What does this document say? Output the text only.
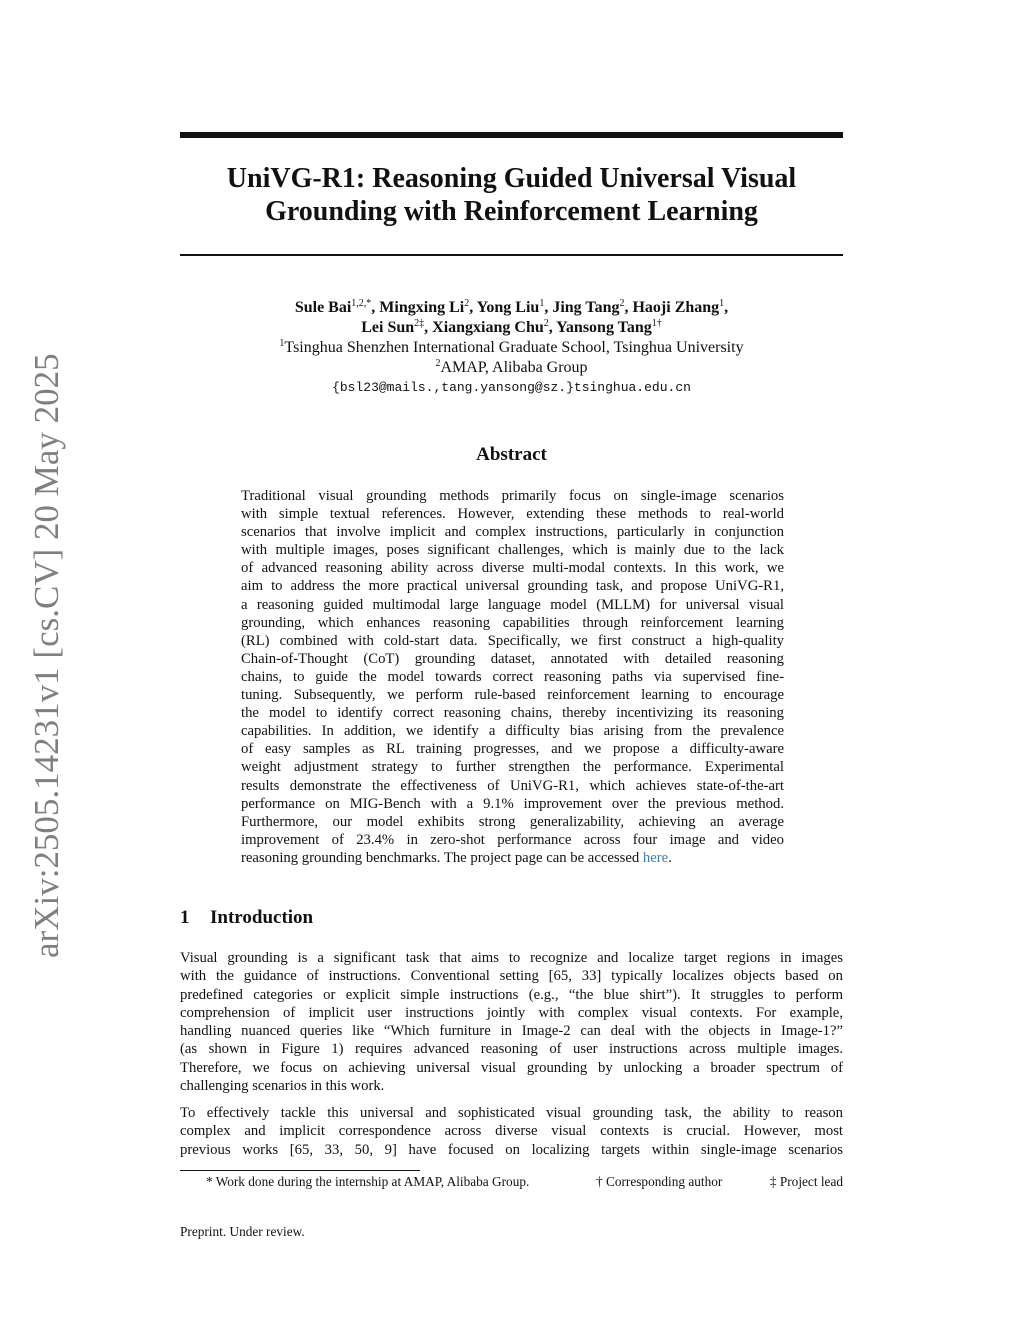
arXiv:2505.14231v1 [cs.CV] 20 May 2025
UniVG-R1: Reasoning Guided Universal Visual
Grounding with Reinforcement Learning
Sule Bai$^{1,2,*}$, Mingxing Li$^2$, Yong Liu$^1$, Jing Tang$^2$, Haoji Zhang$^1$,
Lei Sun$^{2\ddagger}$, Xiangxiang Chu$^2$, Yansong Tang$^{1\dagger}$
$^1$Tsinghua Shenzhen International Graduate School, Tsinghua University
$^2$AMAP, Alibaba Group
{bsl23@mails.,tang.yansong@sz.}tsinghua.edu.cn
Abstract
Traditional visual grounding methods primarily focus on single-image scenarios
with simple textual references. However, extending these methods to real-world
scenarios that involve implicit and complex instructions, particularly in conjunction
with multiple images, poses significant challenges, which is mainly due to the lack
of advanced reasoning ability across diverse multi-modal contexts. In this work, we
aim to address the more practical universal grounding task, and propose UniVG-R1,
a reasoning guided multimodal large language model (MLLM) for universal visual
grounding, which enhances reasoning capabilities through reinforcement learning
(RL) combined with cold-start data. Specifically, we first construct a high-quality
Chain-of-Thought (CoT) grounding dataset, annotated with detailed reasoning
chains, to guide the model towards correct reasoning paths via supervised fine-
tuning. Subsequently, we perform rule-based reinforcement learning to encourage
the model to identify correct reasoning chains, thereby incentivizing its reasoning
capabilities. In addition, we identify a difficulty bias arising from the prevalence
of easy samples as RL training progresses, and we propose a difficulty-aware
weight adjustment strategy to further strengthen the performance. Experimental
results demonstrate the effectiveness of UniVG-R1, which achieves state-of-the-art
performance on MIG-Bench with a 9.1% improvement over the previous method.
Furthermore, our model exhibits strong generalizability, achieving an average
improvement of 23.4% in zero-shot performance across four image and video
reasoning grounding benchmarks. The project page can be accessed here.
1 Introduction
Visual grounding is a significant task that aims to recognize and localize target regions in images
with the guidance of instructions. Conventional setting [65, 33] typically localizes objects based on
predefined categories or explicit simple instructions (e.g., “the blue shirt”). It struggles to perform
comprehension of implicit user instructions jointly with complex visual contexts. For example,
handling nuanced queries like “Which furniture in Image-2 can deal with the objects in Image-1?”
(as shown in Figure 1) requires advanced reasoning of user instructions across multiple images.
Therefore, we focus on achieving universal visual grounding by unlocking a broader spectrum of
challenging scenarios in this work.
To effectively tackle this universal and sophisticated visual grounding task, the ability to reason
complex and implicit correspondence across diverse visual contexts is crucial. However, most
previous works [65, 33, 50, 9] have focused on localizing targets within single-image scenarios
* Work done during the internship at AMAP, Alibaba Group.	† Corresponding author	‡ Project lead
Preprint. Under review.
